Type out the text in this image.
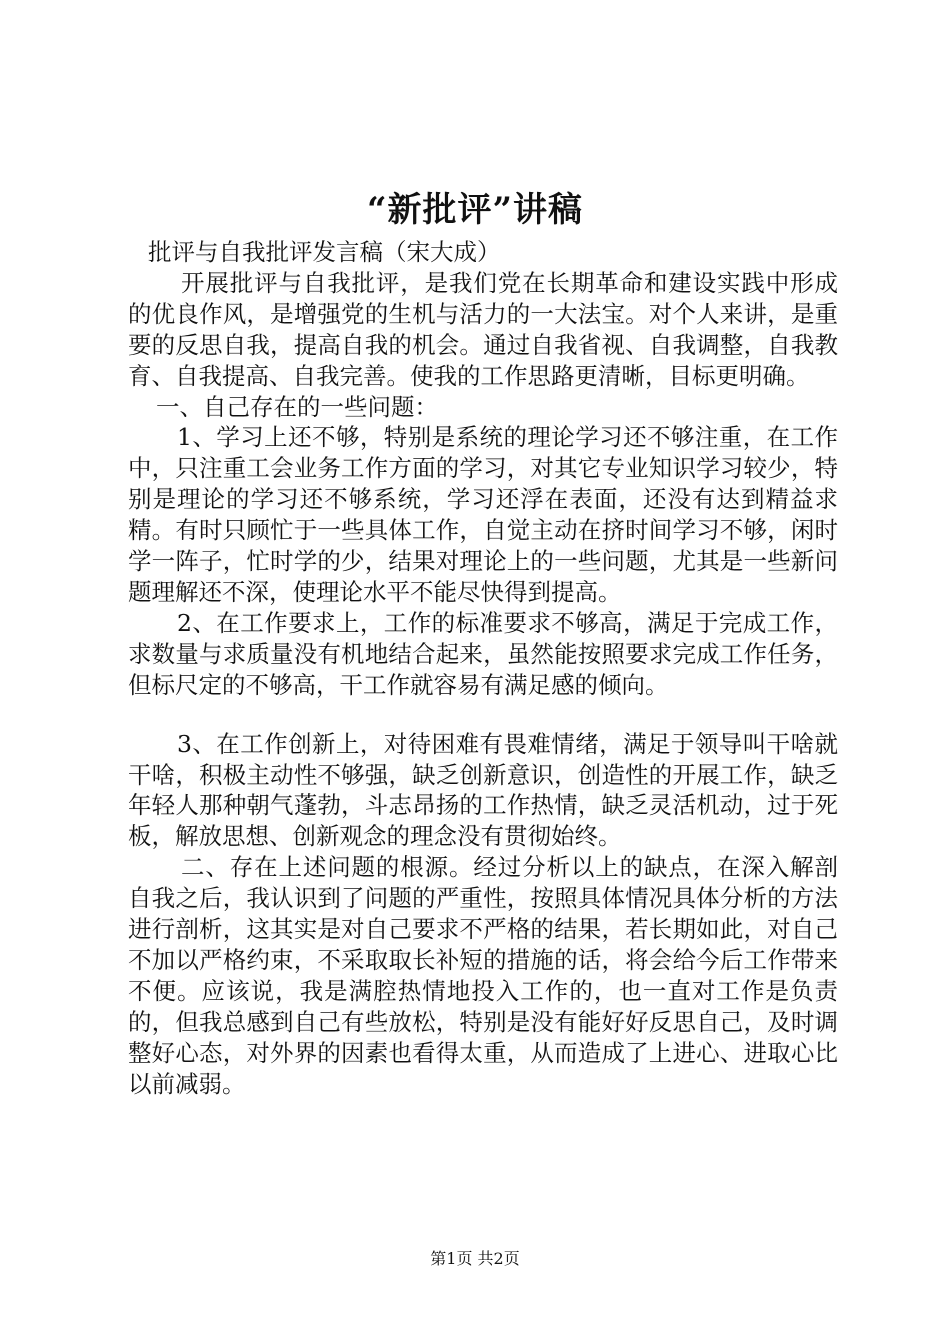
“新批评”讲稿

批评与自我批评发言稿（宋大成）

开展批评与自我批评，是我们党在长期革命和建设实践中形成的优良作风，是增强党的生机与活力的一大法宝。对个人来讲，是重要的反思自我，提高自我的机会。通过自我省视、自我调整，自我教育、自我提高、自我完善。使我的工作思路更清晰，目标更明确。

一、自己存在的一些问题：

1、学习上还不够，特别是系统的理论学习还不够注重，在工作中，只注重工会业务工作方面的学习，对其它专业知识学习较少，特别是理论的学习还不够系统，学习还浮在表面，还没有达到精益求精。有时只顾忙于一些具体工作，自觉主动在挤时间学习不够，闲时学一阵子，忙时学的少，结果对理论上的一些问题，尤其是一些新问题理解还不深，使理论水平不能尽快得到提高。

2、在工作要求上，工作的标准要求不够高，满足于完成工作，求数量与求质量没有机地结合起来，虽然能按照要求完成工作任务，但标尺定的不够高，干工作就容易有满足感的倾向。

3、在工作创新上，对待困难有畏难情绪，满足于领导叫干啥就干啥，积极主动性不够强，缺乏创新意识，创造性的开展工作，缺乏年轻人那种朝气蓬勃，斗志昂扬的工作热情，缺乏灵活机动，过于死板，解放思想、创新观念的理念没有贯彻始终。

二、存在上述问题的根源。经过分析以上的缺点，在深入解剖自我之后，我认识到了问题的严重性，按照具体情况具体分析的方法进行剖析，这其实是对自己要求不严格的结果，若长期如此，对自己不加以严格约束，不采取取长补短的措施的话，将会给今后工作带来不便。应该说，我是满腔热情地投入工作的，也一直对工作是负责的，但我总感到自己有些放松，特别是没有能好好反思自己，及时调整好心态，对外界的因素也看得太重，从而造成了上进心、进取心比以前减弱。

第1页 共2页
